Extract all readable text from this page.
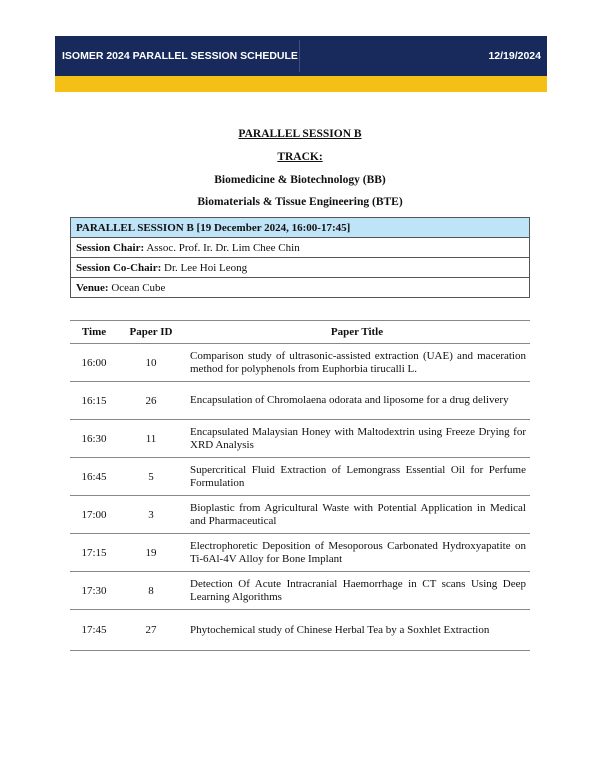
ISOMER 2024 PARALLEL SESSION SCHEDULE	12/19/2024
PARALLEL SESSION B
TRACK:
Biomedicine & Biotechnology (BB)
Biomaterials & Tissue Engineering (BTE)
PARALLEL SESSION B [19 December 2024, 16:00-17:45]
Session Chair: Assoc. Prof. Ir. Dr. Lim Chee Chin
Session Co-Chair: Dr. Lee Hoi Leong
Venue: Ocean Cube
Time	Paper ID	Paper Title
16:00	10	Comparison study of ultrasonic-assisted extraction (UAE) and maceration method for polyphenols from Euphorbia tirucalli L.
16:15	26	Encapsulation of Chromolaena odorata and liposome for a drug delivery
16:30	11	Encapsulated Malaysian Honey with Maltodextrin using Freeze Drying for XRD Analysis
16:45	5	Supercritical Fluid Extraction of Lemongrass Essential Oil for Perfume Formulation
17:00	3	Bioplastic from Agricultural Waste with Potential Application in Medical and Pharmaceutical
17:15	19	Electrophoretic Deposition of Mesoporous Carbonated Hydroxyapatite on Ti-6Al-4V Alloy for Bone Implant
17:30	8	Detection Of Acute Intracranial Haemorrhage in CT scans Using Deep Learning Algorithms
17:45	27	Phytochemical study of Chinese Herbal Tea by a Soxhlet Extraction
